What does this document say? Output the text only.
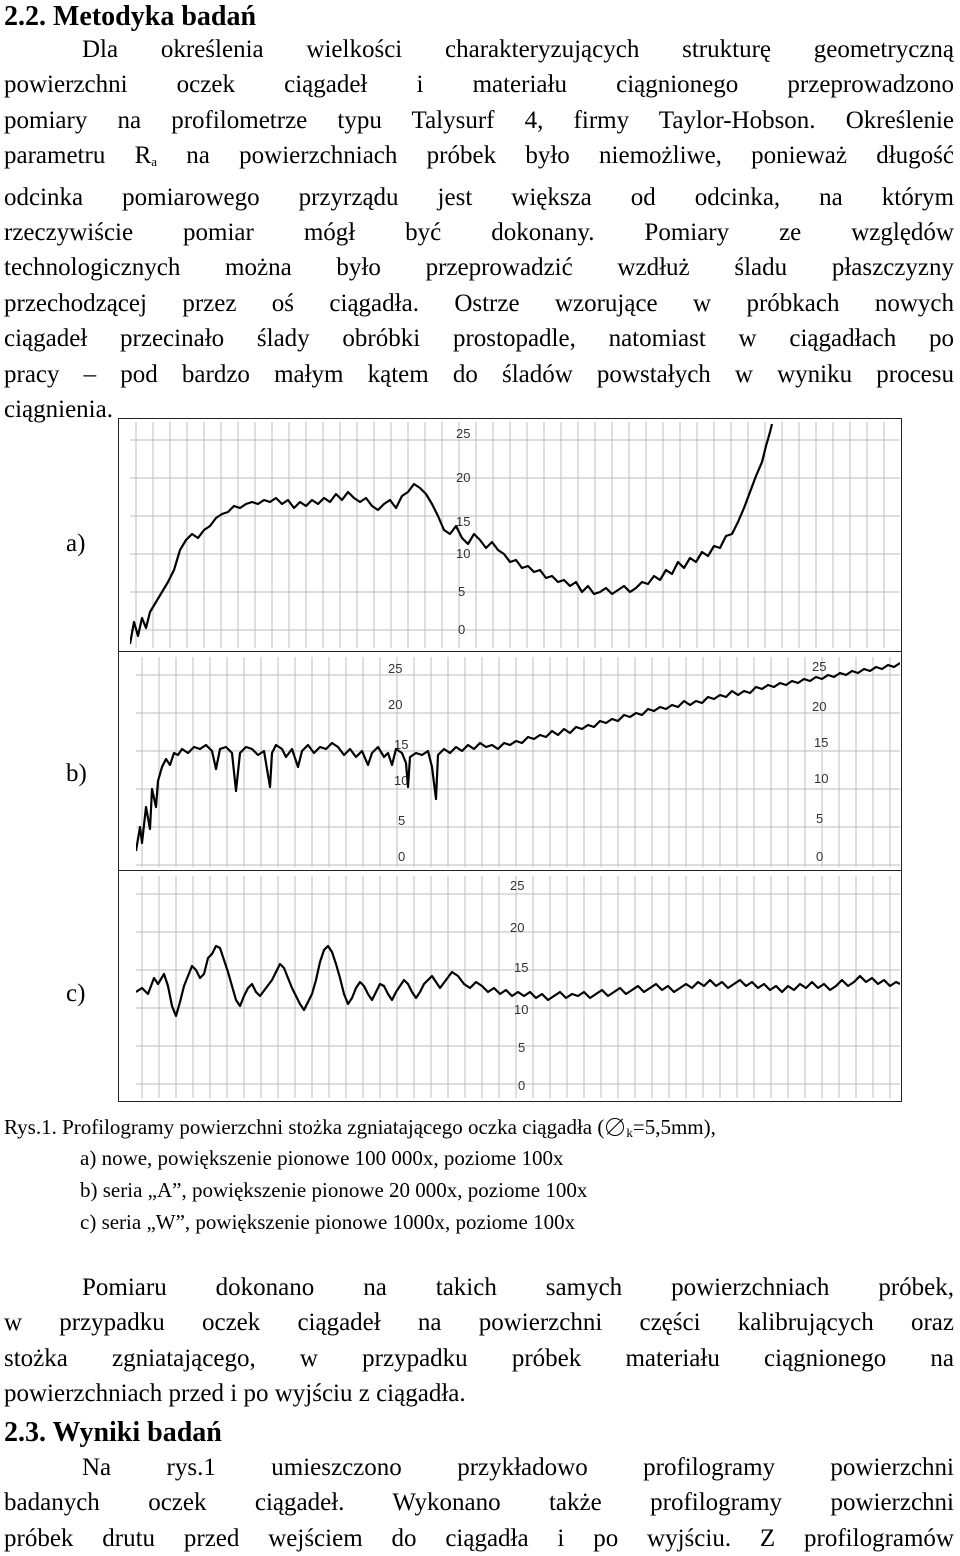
2.2. Metodyka badań
Dla określenia wielkości charakteryzujących strukturę geometryczną
powierzchni oczek ciągadeł i materiału ciągnionego przeprowadzono
pomiary na profilometrze typu Talysurf 4, firmy Taylor-Hobson. Określenie
parametru $R_a$ na powierzchniach próbek było niemożliwe, ponieważ długość
odcinka pomiarowego przyrządu jest większa od odcinka, na którym
rzeczywiście pomiar mógł być dokonany. Pomiary ze względów
technologicznych można było przeprowadzić wzdłuż śladu płaszczyzny
przechodzącej przez oś ciągadła. Ostrze wzorujące w próbkach nowych
ciągadeł przecinało ślady obróbki prostopadle, natomiast w ciągadłach po
pracy – pod bardzo małym kątem do śladów powstałych w wyniku procesu
ciągnienia.
a)
b)
c)
25
20
15
10
5
0
25
20
15
10
5
0
25
20
15
10
5
0
25
20
15
10
5
0
Rys.1. Profilogramy powierzchni stożka zgniatającego oczka ciągadła ( $_k$=5,5mm),
a) nowe, powiększenie pionowe 100 000x, poziome 100x
b) seria „A”, powiększenie pionowe 20 000x, poziome 100x
c) seria „W”, powiększenie pionowe 1000x, poziome 100x
Pomiaru dokonano na takich samych powierzchniach próbek,
w przypadku oczek ciągadeł na powierzchni części kalibrujących oraz
stożka zgniatającego, w przypadku próbek materiału ciągnionego na
powierzchniach przed i po wyjściu z ciągadła.
2.3. Wyniki badań
Na rys.1 umieszczono przykładowo profilogramy powierzchni
badanych oczek ciągadeł. Wykonano także profilogramy powierzchni
próbek drutu przed wejściem do ciągadła i po wyjściu. Z profilogramów
